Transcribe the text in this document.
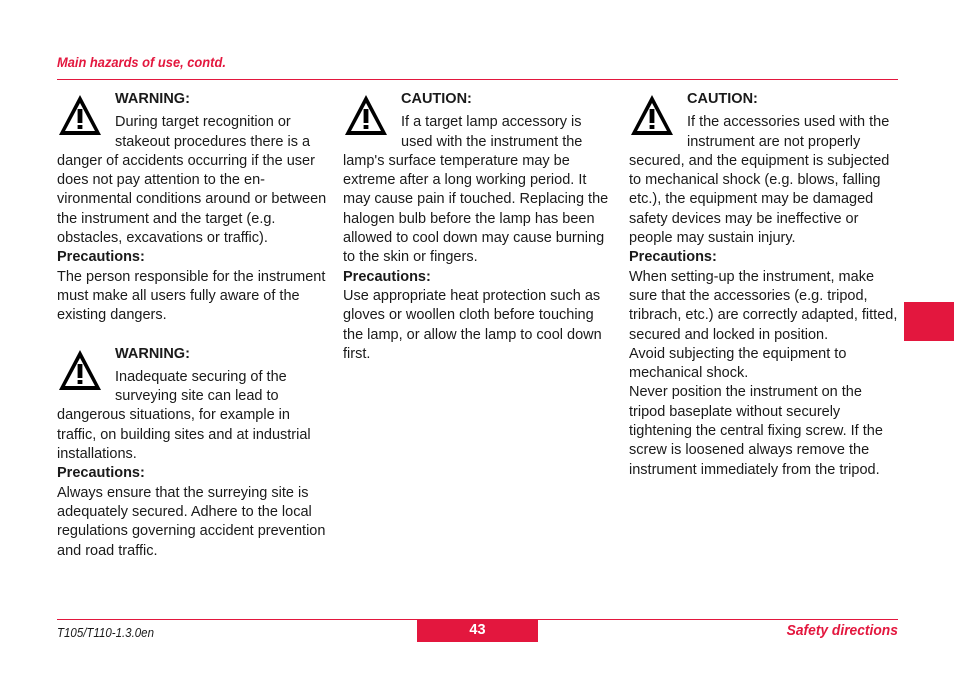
Main hazards of use, contd.
WARNING:
During target recognition or stakeout procedures there is a danger of accidents occurring if the user does not pay attention to the en-vironmental conditions around or between the instrument and the target (e.g. obstacles, excavations or traffic).
Precautions:
The person responsible for the instrument must make all users fully aware of the existing dangers.
WARNING:
Inadequate securing of the surveying site can lead to dangerous situations, for example in traffic, on building sites and at industrial installations.
Precautions:
Always ensure that the surreying site is adequately secured. Adhere to the local regulations governing accident prevention and road traffic.
CAUTION:
If a target lamp accessory is used with the instrument the lamp's surface temperature may be extreme after a long working period. It may cause pain if touched. Replacing the halogen bulb before the lamp has been allowed to cool down may cause burning to the skin or fingers.
Precautions:
Use appropriate heat protection such as gloves or woollen cloth before touching the lamp, or allow the lamp to cool down first.
CAUTION:
If the accessories used with the instrument are not properly secured, and the equipment is subjected to mechanical shock (e.g. blows, falling etc.), the equipment may be damaged safety devices may be ineffective or people may sustain injury.
Precautions:
When setting-up the instrument, make sure that the accessories (e.g. tripod, tribrach, etc.) are correctly adapted, fitted, secured and locked in position.
Avoid subjecting the equipment to mechanical shock.
Never position the instrument on the tripod baseplate without securely tightening the central fixing screw. If the screw is loosened always remove the instrument immediately from the tripod.
T105/T110-1.3.0en	43	Safety directions
